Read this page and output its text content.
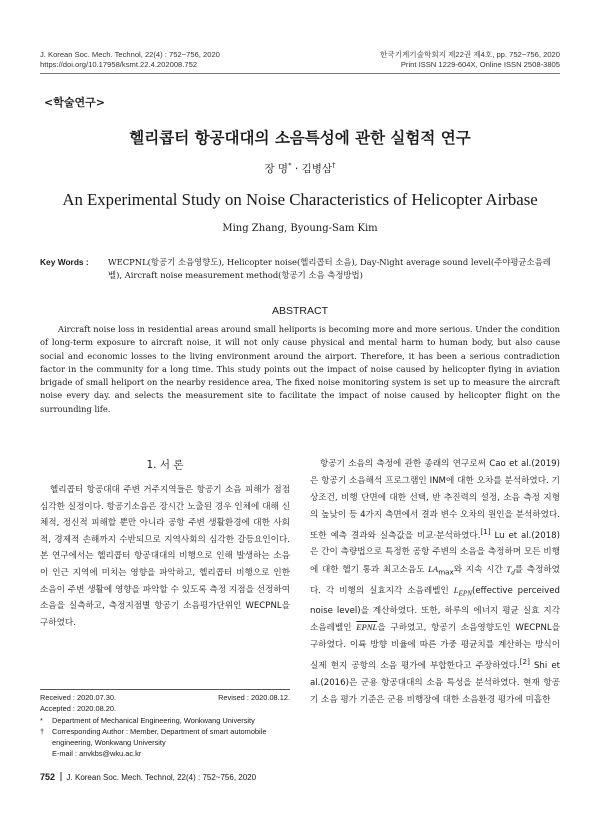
J. Korean Soc. Mech. Technol, 22(4) : 752~756, 2020
https://doi.org/10.17958/ksmt.22.4.202008.752
한국기계기술학회지 제22권 제4호, pp. 752~756, 2020
Print ISSN 1229-604X, Online ISSN 2508-3805
<학술연구>
헬리콥터 항공대대의 소음특성에 관한 실험적 연구
장 명* · 김병삼†
An Experimental Study on Noise Characteristics of Helicopter Airbase
Ming Zhang, Byoung-Sam Kim
Key Words :	WECPNL(항공기 소음영향도), Helicopter noise(헬리콥터 소음), Day-Night average sound level(주야평균소음레벨), Aircraft noise measurement method(항공기 소음 측정방법)
ABSTRACT
Aircraft noise loss in residential areas around small heliports is becoming more and more serious. Under the condition of long-term exposure to aircraft noise, it will not only cause physical and mental harm to human body, but also cause social and economic losses to the living environment around the airport. Therefore, it has been a serious contradiction factor in the community for a long time. This study points out the impact of noise caused by helicopter flying in aviation brigade of small heliport on the nearby residence area, The fixed noise monitoring system is set up to measure the aircraft noise every day. and selects the measurement site to facilitate the impact of noise caused by helicopter flight on the surrounding life.
1. 서 론
헬리콥터 항공대대 주변 거주지역들은 항공기 소음 피해가 점점 심각한 실정이다. 항공기소음은 장시간 노출된 경우 인체에 대해 신체적, 정신적 피해할 뿐만 아니라 공항 주변 생활환경에 대한 사회적, 경제적 손해까지 수반되므로 지역사회의 심각한 갈등요인이다. 본 연구에서는 헬리콥터 항공대대의 비행으로 인해 발생하는 소음이 인근 지역에 미치는 영향을 파악하고, 헬리콥터 비행으로 인한 소음이 주변 생활에 영향을 파악할 수 있도록 측정 지점을 선정하여 소음을 실측하고, 측정지점별 항공기 소음평가단위인 WECPNL을 구하였다.
항공기 소음의 측정에 관한 종래의 연구로써 Cao et al.(2019)은 항공기 소음해석 프로그램인 INM에 대한 오차를 분석하였다. 기상조건, 비행 단면에 대한 선택, 반 추진력의 설정, 소음 측정 지형의 높낮이 등 4가지 측면에서 결과 변수 오차의 원인을 분석하였다. 또한 예측 결과와 실측값을 비교·분석하였다.[1] Lu et al.(2018)은 간이 측량법으로 특정한 공항 주변의 소음을 측정하며 모든 비행에 대한 헬기 통과 최고소음도 $LA_{max}$와 지속 시간 $T_d$를 측정하였다. 각 비행의 실효지각 소음레벨인 $L_{EPN}(effective$ perceived noise level)을 계산하였다. 또한, 하루의 에너지 평균 실효 지각 소음레벨인 EPNL을 구하였고, 항공기 소음영향도인 WECPNL을 구하였다. 이륙 방향 비율에 따른 가중 평균치를 계산하는 방식이 실제 현지 공항의 소음 평가에 부합한다고 주장하였다.[2] Shi et al.(2016)은 군용 항공대대의 소음 특성을 분석하였다. 현재 항공기 소음 평가 기준은 군용 비행장에 대한 소음환경 평가에 미흡한
Received : 2020.07.30.	Revised : 2020.08.12.
Accepted : 2020.08.20.
*	Department of Mechanical Engineering, Wonkwang University
†	Corresponding Author : Member, Department of smart automobile engineering, Wonkwang University
E-mail : anvkbs@wku.ac.kr
752 J. Korean Soc. Mech. Technol, 22(4) : 752~756, 2020
